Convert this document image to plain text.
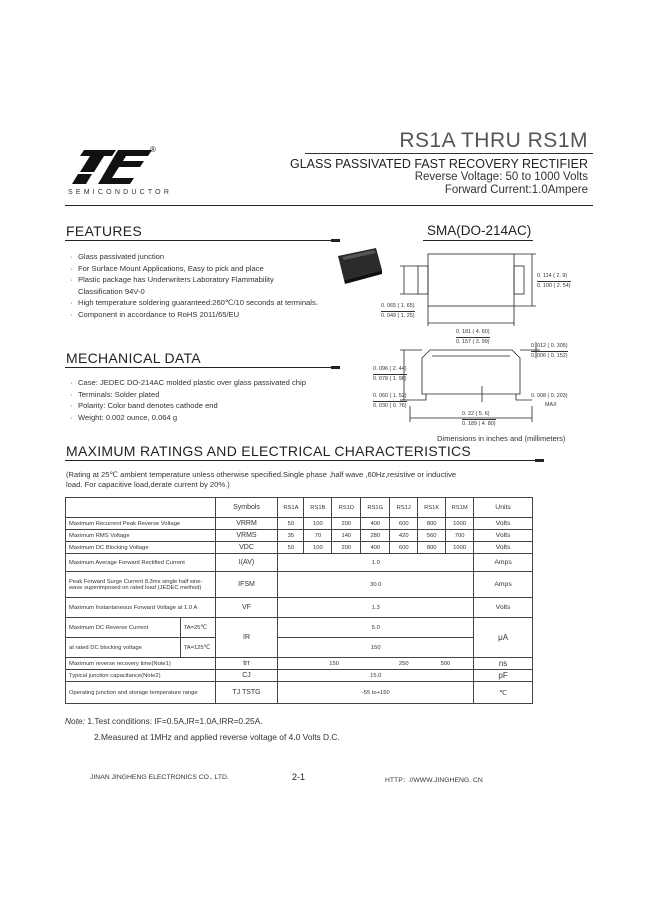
®
SEMICONDUCTOR
RS1A THRU RS1M
GLASS PASSIVATED FAST RECOVERY RECTIFIER
Reverse Voltage: 50 to 1000 Volts
Forward Current:1.0Ampere
FEATURES
· Glass passivated junction
· For Surface Mount Applications, Easy to pick and place
· Plastic package has Underwriters Laboratory Flammability Classification 94V-0
· High temperature soldering guaranteed:260℃/10 seconds at terminals.
· Component in accordance to RoHS 2011/65/EU
SMA(DO-214AC)
0. 114 ( 2. 9)
0. 100 ( 2. 54)
0. 065 ( 1. 65)
0. 049 ( 1. 25)
0. 181 ( 4. 60)
0. 157 ( 3. 99)
0. 012 ( 0. 305)
0. 006 ( 0. 152)
0. 096 ( 2. 44)
0. 078 ( 1. 98)
0. 060 ( 1. 52)
0. 030 ( 0. 76)
0. 008 ( 0. 203)
MAX
0. 22 ( 5. 6)
0. 189 ( 4. 80)
Dimensions in inches and (millimeters)
MECHANICAL DATA
· Case: JEDEC DO-214AC molded plastic over glass passivated chip
· Terminals: Solder plated
· Polarity: Color band denotes cathode end
· Weight: 0.002 ounce, 0.064 g
MAXIMUM RATINGS AND ELECTRICAL CHARACTERISTICS
(Rating at 25℃ ambient temperature unless otherwise specified.Single phase ,half wave ,60Hz,resistive or inductive
load. For capacitive load,derate current by 20%.)
		Symbols	RS1A	RS1B	RS1D	RS1G	RS1J	RS1K	RS1M	Units
Maximum Recurrent Peak Reverse Voltage		VRRM	50	100	200	400	600	800	1000	Volts
Maximum RMS Voltage		VRMS	35	70	140	280	420	560	700	Volts
Maximum DC Blocking Voltage		VDC	50	100	200	400	600	800	1000	Volts
Maximum Average Forward Rectified Current		I(AV)	1.0							Amps
Peak Forward Surge Current 8.3ms single half sine-wave superimposed on rated load (JEDEC method)		IFSM	30.0							Amps
Maximum Instantaneous Forward Voltage at 1.0 A		VF	1.3							Volts
Maximum DC Reverse Current	TA=25℃	IR	5.0							μA
at rated DC blocking voltage	TA=125℃		150							
Maximum reverse recovery time(Note1)		trr	150				250	500		ns
Typical junction capacitance(Note2)		CJ	15.0							pF
Operating junction and storage temperature range		TJ TSTG	-55 to+150							℃
Note: 1.Test conditions: IF=0.5A,IR=1.0A,IRR=0.25A.
2.Measured at 1MHz and applied reverse voltage of 4.0 Volts D.C.
JINAN JINGHENG ELECTRONICS CO., LTD.	2-1	HTTP：//WWW.JINGHENG. CN
